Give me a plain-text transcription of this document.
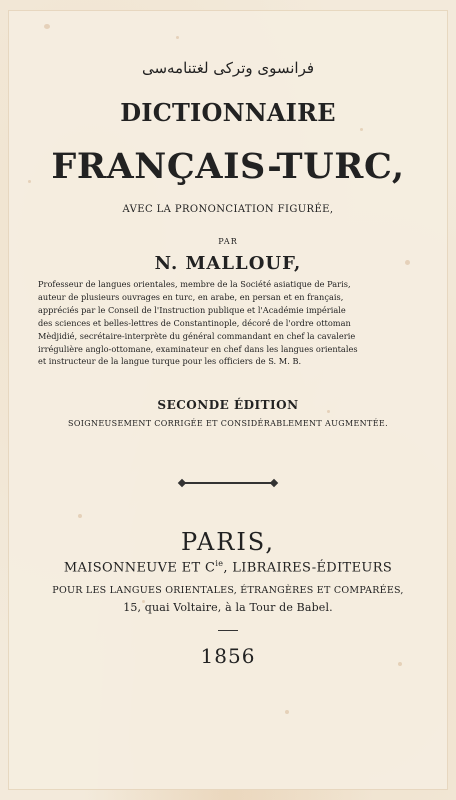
فرانسوی وتركی لغتنامه‌سی
DICTIONNAIRE
FRANÇAIS-TURC,
AVEC LA PRONONCIATION FIGURÉE,
PAR
N. MALLOUF,

Professeur de langues orientales, membre de la Société asiatique de Paris,
auteur de plusieurs ouvrages en turc, en arabe, en persan et en français,
appréciés par le Conseil de l'Instruction publique et l'Académie impériale
des sciences et belles-lettres de Constantinople, décoré de l'ordre ottoman
Mèdjidié, secrétaire-interprète du général commandant en chef la cavalerie
irrégulière anglo-ottomane, examinateur en chef dans les langues orientales
et instructeur de la langue turque pour les officiers de S. M. B.

SECONDE ÉDITION
SOIGNEUSEMENT CORRIGÉE ET CONSIDÉRABLEMENT AUGMENTÉE.
PARIS,
MAISONNEUVE ET $C^{ie}$, LIBRAIRES-ÉDITEURS
POUR LES LANGUES ORIENTALES, ÉTRANGÈRES ET COMPARÉES,
15, quai Voltaire, à la Tour de Babel.
1856
